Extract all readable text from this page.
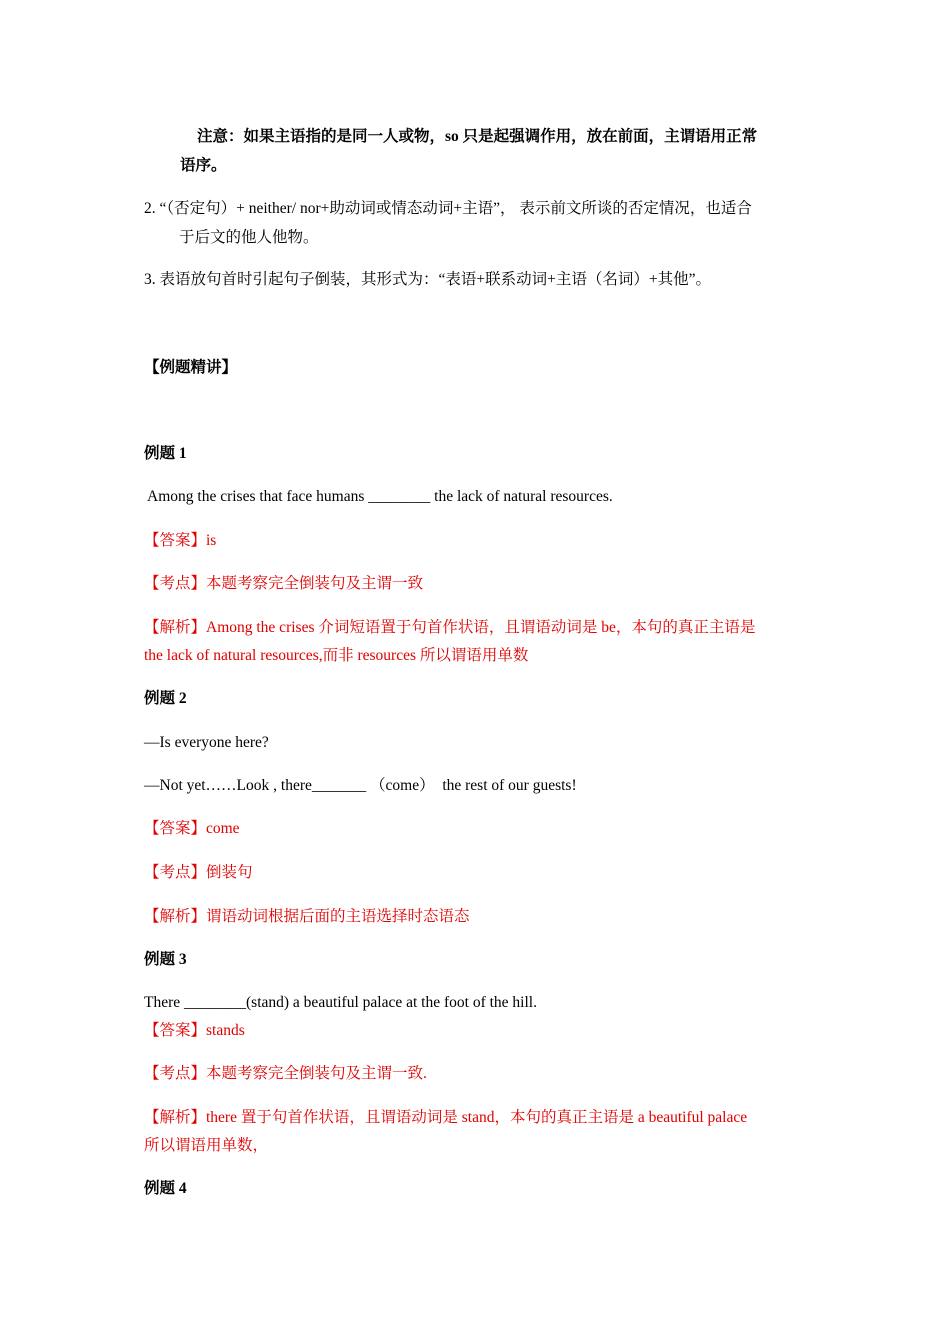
注意：如果主语指的是同一人或物，so 只是起强调作用，放在前面，主谓语用正常
语序。
2. “（否定句）+ neither/ nor+助动词或情态动词+主语”， 表示前文所谈的否定情况，也适合
于后文的他人他物。
3. 表语放句首时引起句子倒装，其形式为：“表语+联系动词+主语（名词）+其他”。
【例题精讲】
例题 1
Among the crises that face humans ________ the lack of natural resources.
【答案】is
【考点】本题考察完全倒装句及主谓一致
【解析】Among the crises 介词短语置于句首作状语，且谓语动词是 be，本句的真正主语是
the lack of natural resources,而非 resources 所以谓语用单数
例题 2
—Is everyone here?
—Not yet……Look , there_______ （come）  the rest of our guests!
【答案】come
【考点】倒装句
【解析】谓语动词根据后面的主语选择时态语态
例题 3
There ________(stand) a beautiful palace at the foot of the hill.
【答案】stands
【考点】本题考察完全倒装句及主谓一致.
【解析】there 置于句首作状语，且谓语动词是 stand，本句的真正主语是 a beautiful palace
所以谓语用单数，
例题 4
